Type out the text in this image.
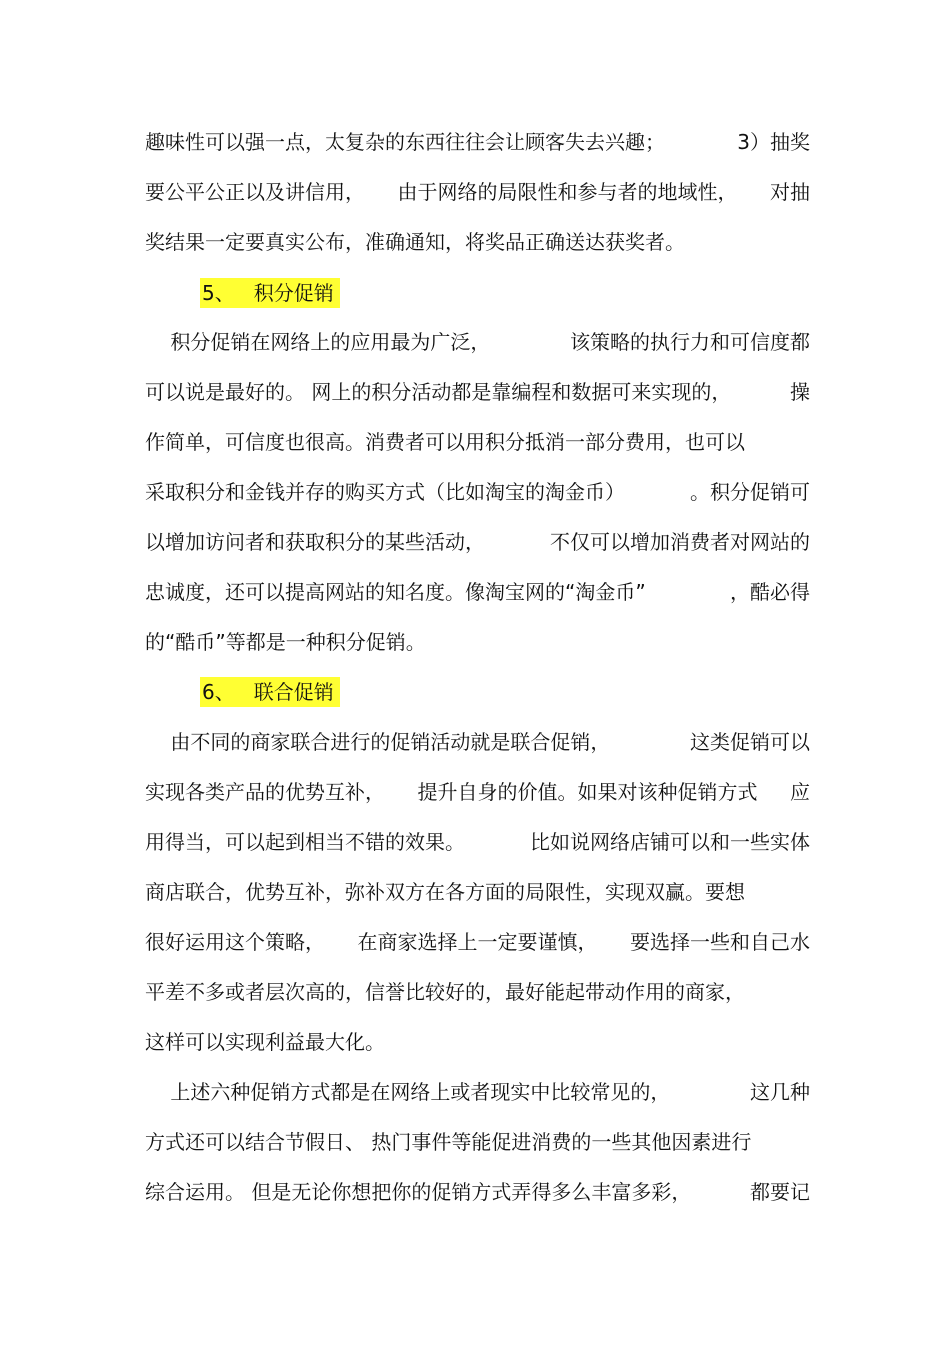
趣味性可以强一点，太复杂的东西往往会让顾客失去兴趣；	3）抽奖
要公平公正以及讲信用， 由于网络的局限性和参与者的地域性， 对抽
奖结果一定要真实公布，准确通知，将奖品正确送达获奖者。
5、   积分促销
积分促销在网络上的应用最为广泛，	该策略的执行力和可信度都
可以说是最好的。 网上的积分活动都是靠编程和数据可来实现的，	操
作简单，可信度也很高。消费者可以用积分抵消一部分费用，也可以
采取积分和金钱并存的购买方式（比如淘宝的淘金币）	。积分促销可
以增加访问者和获取积分的某些活动，	不仅可以增加消费者对网站的
忠诚度，还可以提高网站的知名度。像淘宝网的“淘金币”	，酷必得
的“酷币”等都是一种积分促销。
6、   联合促销
由不同的商家联合进行的促销活动就是联合促销，	这类促销可以
实现各类产品的优势互补， 提升自身的价值。如果对该种促销方式 应
用得当，可以起到相当不错的效果。	比如说网络店铺可以和一些实体
商店联合，优势互补，弥补双方在各方面的局限性，实现双赢。要想
很好运用这个策略， 在商家选择上一定要谨慎， 要选择一些和自己水
平差不多或者层次高的，信誉比较好的，最好能起带动作用的商家，
这样可以实现利益最大化。
上述六种促销方式都是在网络上或者现实中比较常见的，	这几种
方式还可以结合节假日、 热门事件等能促进消费的一些其他因素进行
综合运用。 但是无论你想把你的促销方式弄得多么丰富多彩，	都要记
